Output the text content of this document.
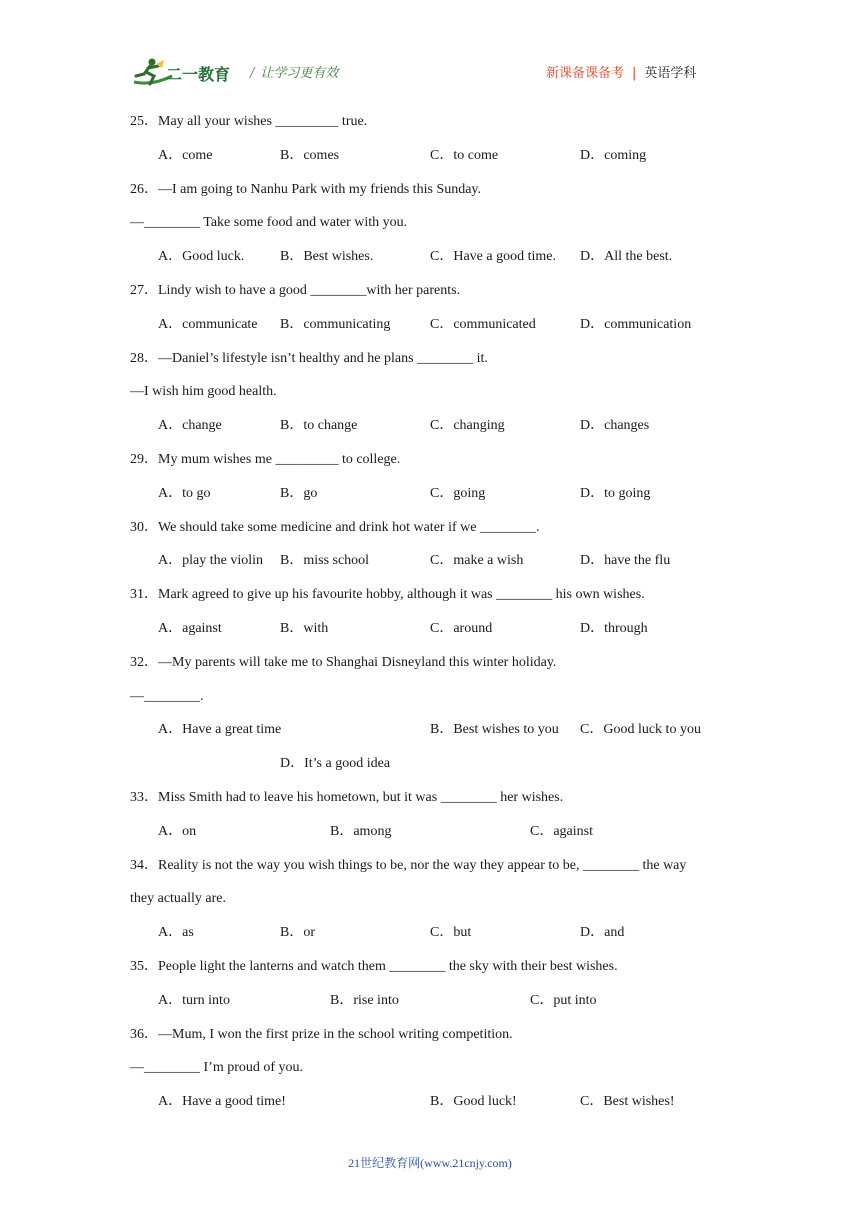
二一教育 / 让学习更有效	新课备课备考 | 英语学科
25．May all your wishes _________ true.
A．come	B．comes	C．to come	D．coming
26．—I am going to Nanhu Park with my friends this Sunday.
—________ Take some food and water with you.
A．Good luck.	B．Best wishes.	C．Have a good time. D．All the best.
27．Lindy wish to have a good ________with her parents.
A．communicate B．communicating	C．communicated	D．communication
28．—Daniel’s lifestyle isn’t healthy and he plans ________ it.
—I wish him good health.
A．change	B．to change	C．changing	D．changes
29．My mum wishes me _________ to college.
A．to go	B．go	C．going	D．to going
30．We should take some medicine and drink hot water if we ________.
A．play the violin B．miss school	C．make a wish	D．have the flu
31．Mark agreed to give up his favourite hobby, although it was ________ his own wishes.
A．against	B．with	C．around	D．through
32．—My parents will take me to Shanghai Disneyland this winter holiday.
—________.
A．Have a great time	B．Best wishes to you C．Good luck to you
D．It’s a good idea
33．Miss Smith had to leave his hometown, but it was ________ her wishes.
A．on	B．among	C．against
34．Reality is not the way you wish things to be, nor the way they appear to be, ________ the way
they actually are.
A．as	B．or	C．but	D．and
35．People light the lanterns and watch them ________ the sky with their best wishes.
A．turn into	B．rise into	C．put into
36．—Mum, I won the first prize in the school writing competition.
—________ I’m proud of you.
A．Have a good time!	B．Good luck!	C．Best wishes!
21世纪教育网(www.21cnjy.com)
